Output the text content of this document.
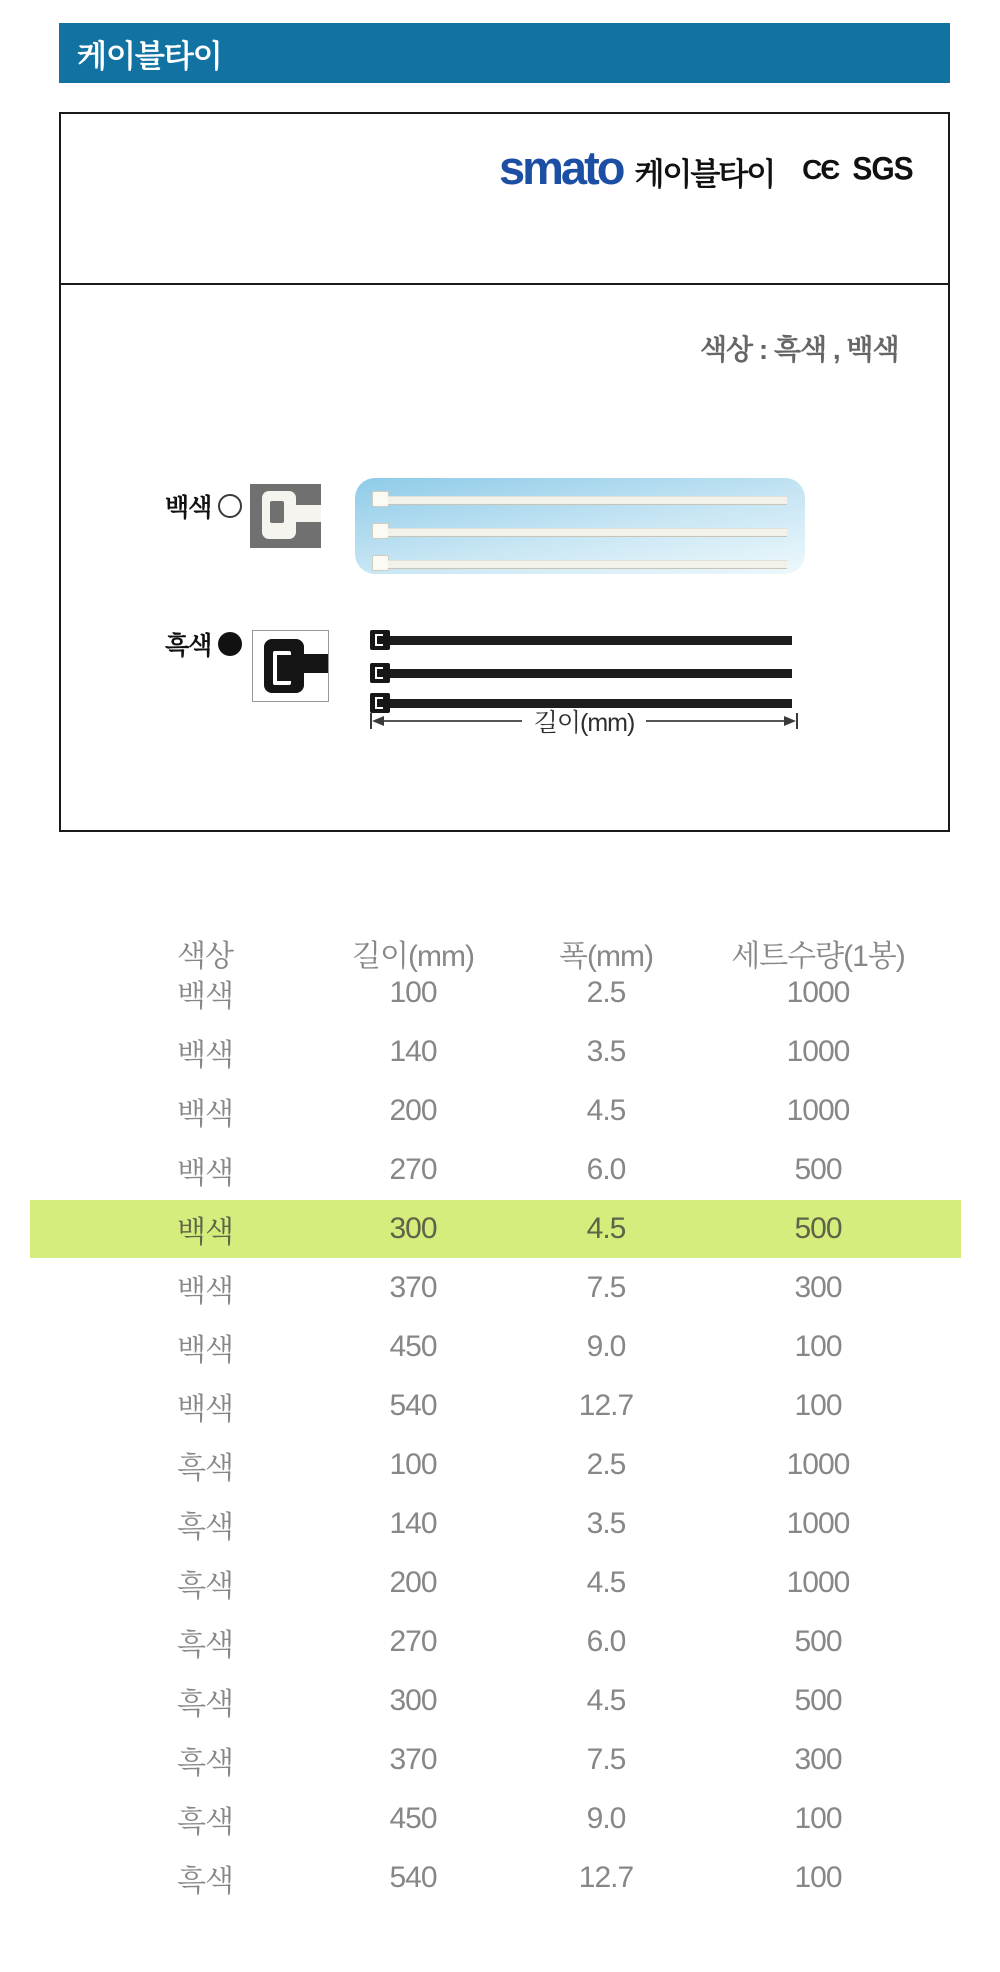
케이블타이
smato 케이블타이 CЄ SGS
색상 : 흑색 , 백색
백색
흑색
길이(mm)
색상	길이(mm)	폭(mm)	세트수량(1봉)
백색	100	2.5	1000
백색	140	3.5	1000
백색	200	4.5	1000
백색	270	6.0	500
백색	300	4.5	500
백색	370	7.5	300
백색	450	9.0	100
백색	540	12.7	100
흑색	100	2.5	1000
흑색	140	3.5	1000
흑색	200	4.5	1000
흑색	270	6.0	500
흑색	300	4.5	500
흑색	370	7.5	300
흑색	450	9.0	100
흑색	540	12.7	100
